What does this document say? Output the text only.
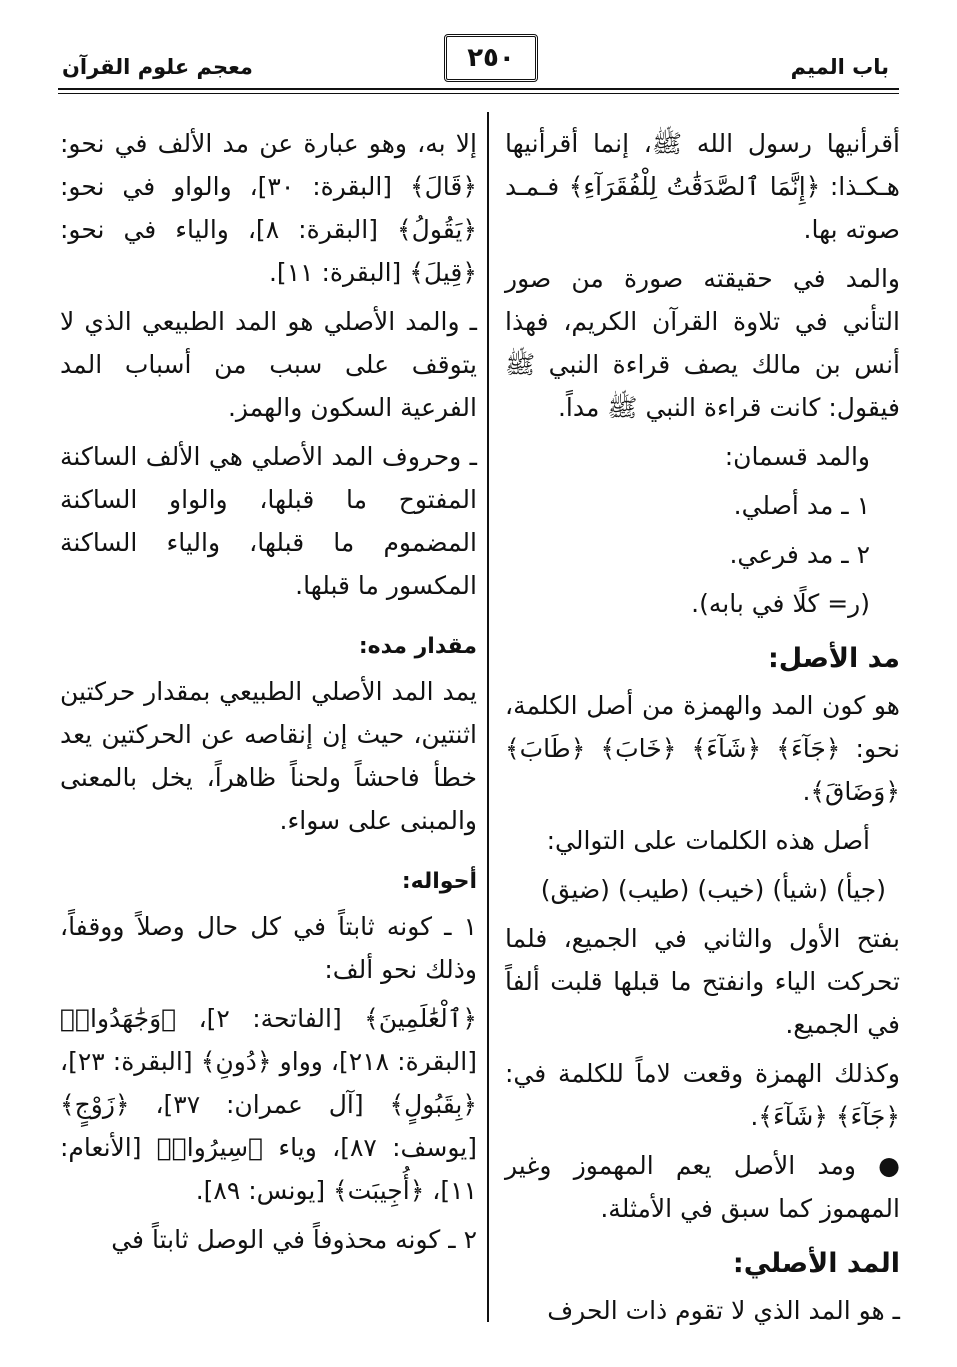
باب الميم
٢٥٠
معجم علوم القرآن

أقرأنيها رسول الله ﷺ، إنما أقرأنيها هـكـذا: ﴿إِنَّمَا ٱلصَّدَقَٰتُ لِلْفُقَرَآءِ﴾ فـمـد صوته بها.

والمد في حقيقته صورة من صور التأني في تلاوة القرآن الكريم، فهذا أنس بن مالك يصف قراءة النبي ﷺ فيقول: كانت قراءة النبي ﷺ مداً.

والمد قسمان:

١ ـ مد أصلي.

٢ ـ مد فرعي.

(ر= كلًا في بابه).

مد الأصل:

هو كون المد والهمزة من أصل الكلمة، نحو: ﴿جَآءَ﴾ ﴿شَآءَ﴾ ﴿خَابَ﴾ ﴿طَابَ﴾ ﴿وَضَاقَ﴾.

أصل هذه الكلمات على التوالي:

(جيأ) (شيأ) (خيب) (طيب) (ضيق)

بفتح الأول والثاني في الجميع، فلما تحركت الياء وانفتح ما قبلها قلبت ألفاً في الجميع.

وكذلك الهمزة وقعت لاماً للكلمة في: ﴿جَآءَ﴾ ﴿شَآءَ﴾.

● ومد الأصل يعم المهموز وغير المهموز كما سبق في الأمثلة.

المد الأصلي:

ـ هو المد الذي لا تقوم ذات الحرف

إلا به، وهو عبارة عن مد الألف في نحو: ﴿قَالَ﴾ [البقرة: ٣٠]، والواو في نحو: ﴿يَقُولُ﴾ [البقرة: ٨]، والياء في نحو: ﴿قِيلَ﴾ [البقرة: ١١].

ـ والمد الأصلي هو المد الطبيعي الذي لا يتوقف على سبب من أسباب المد الفرعية السكون والهمز.

ـ وحروف المد الأصلي هي الألف الساكنة المفتوح ما قبلها، والواو الساكنة المضموم ما قبلها، والياء الساكنة المكسور ما قبلها.

مقدار مده:

يمد المد الأصلي الطبيعي بمقدار حركتين اثنتين، حيث إن إنقاصه عن الحركتين يعد خطأ فاحشاً ولحناً ظاهراً، يخل بالمعنى والمبنى على سواء.

أحواله:

١ ـ كونه ثابتاً في كل حال وصلاً ووقفاً، وذلك نحو ألف:

﴿ٱلْعَٰلَمِينَ﴾ [الفاتحة: ٢]، ﴿وَجَٰهَدُوا۟﴾ [البقرة: ٢١٨]، وواو ﴿دُونِ﴾ [البقرة: ٢٣]، ﴿بِقَبُولٍ﴾ [آل عمران: ٣٧]، ﴿زَوْجٍ﴾ [يوسف: ٨٧]، وياء ﴿سِيرُوا۟﴾ [الأنعام: ١١]، ﴿أُجِيبَت﴾ [يونس: ٨٩].

٢ ـ كونه محذوفاً في الوصل ثابتاً في
